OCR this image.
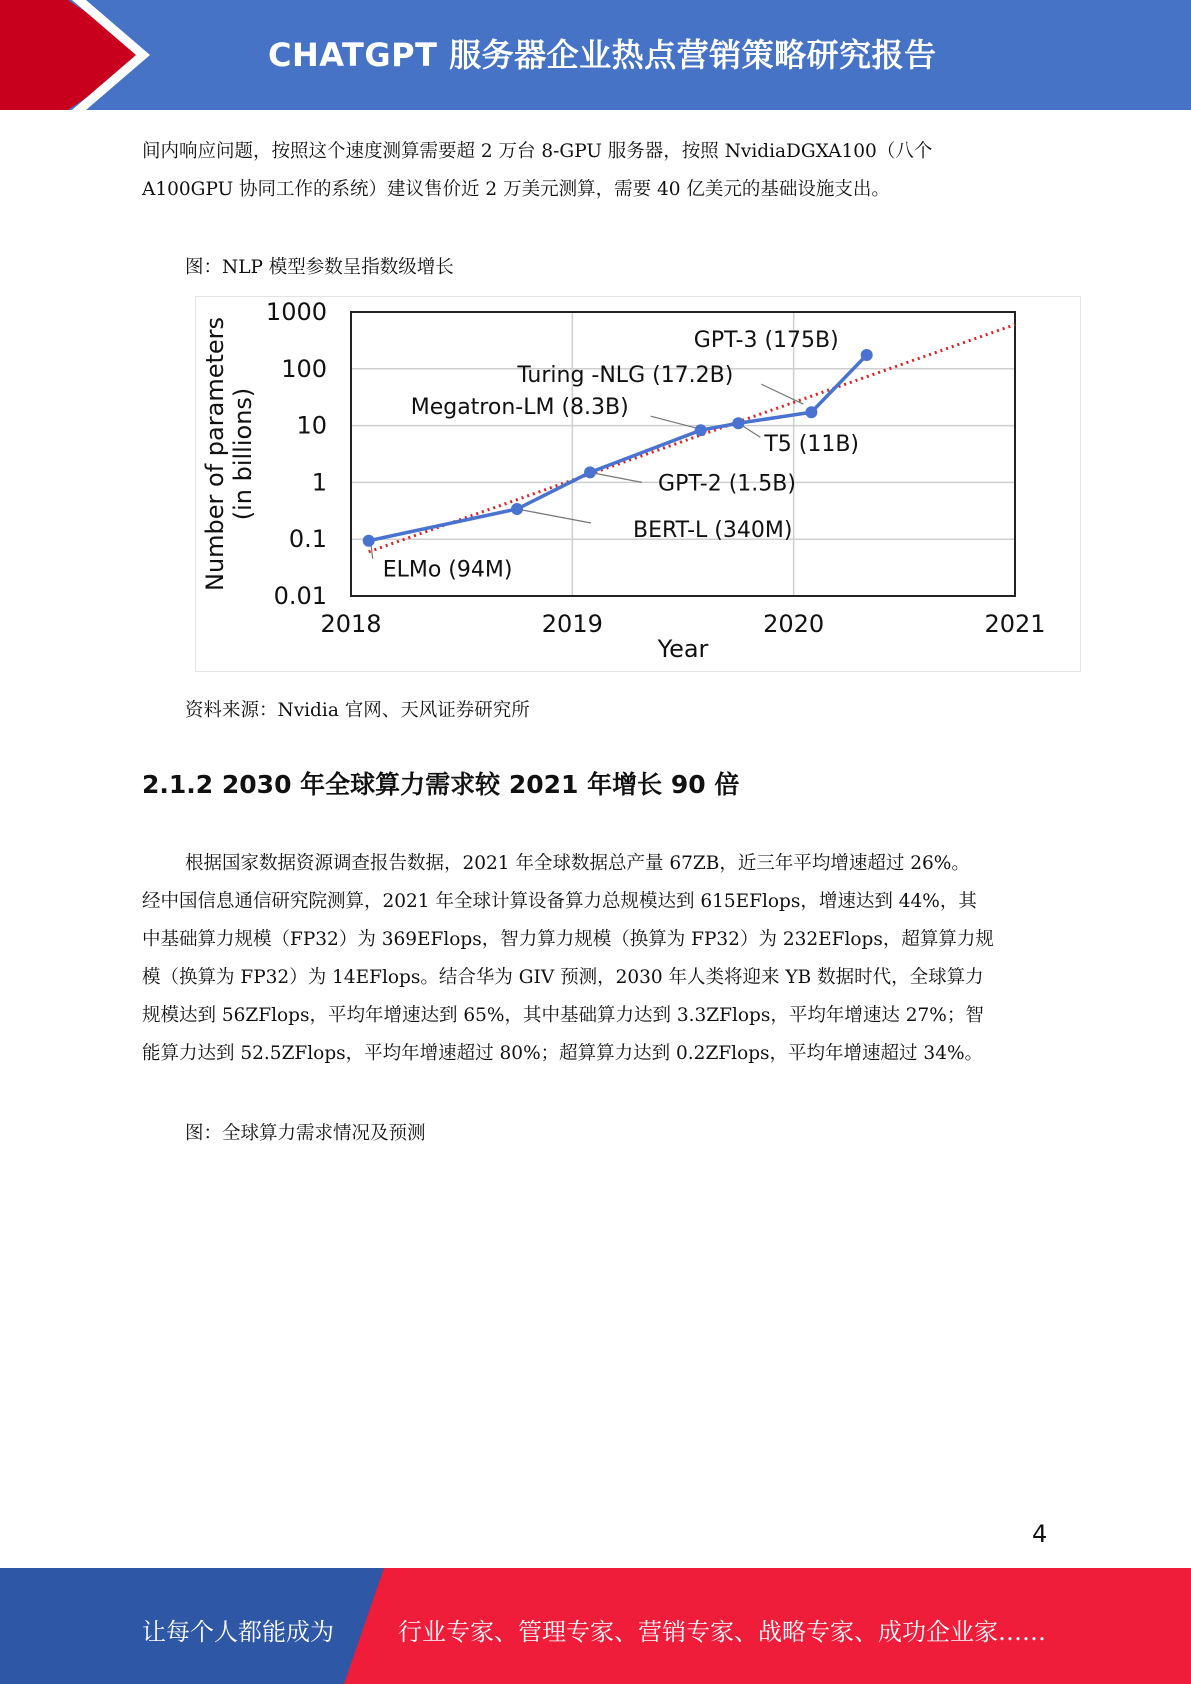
CHATGPT 服务器企业热点营销策略研究报告
间内响应问题，按照这个速度测算需要超 2 万台 8-GPU 服务器，按照 NvidiaDGXA100（八个
A100GPU 协同工作的系统）建议售价近 2 万美元测算，需要 40 亿美元的基础设施支出。
图：NLP 模型参数呈指数级增长
1000
100
10
1
0.1
0.01
2018	2019	2020	2021
ELMo (94M)
BERT-L (340M)
GPT-2 (1.5B)
Megatron-LM (8.3B)
T5 (11B)
Turing -NLG (17.2B)
GPT-3 (175B)
Number of parameters (in billions)
Year
资料来源：Nvidia 官网、天风证券研究所
2.1.2 2030 年全球算力需求较 2021 年增长 90 倍
根据国家数据资源调查报告数据，2021 年全球数据总产量 67ZB，近三年平均增速超过 26%。
经中国信息通信研究院测算，2021 年全球计算设备算力总规模达到 615EFlops，增速达到 44%，其
中基础算力规模（FP32）为 369EFlops，智力算力规模（换算为 FP32）为 232EFlops，超算算力规
模（换算为 FP32）为 14EFlops。结合华为 GIV 预测，2030 年人类将迎来 YB 数据时代，全球算力
规模达到 56ZFlops，平均年增速达到 65%，其中基础算力达到 3.3ZFlops，平均年增速达 27%；智
能算力达到 52.5ZFlops，平均年增速超过 80%；超算算力达到 0.2ZFlops，平均年增速超过 34%。
图：全球算力需求情况及预测
4
让每个人都能成为	行业专家、管理专家、营销专家、战略专家、成功企业家……
